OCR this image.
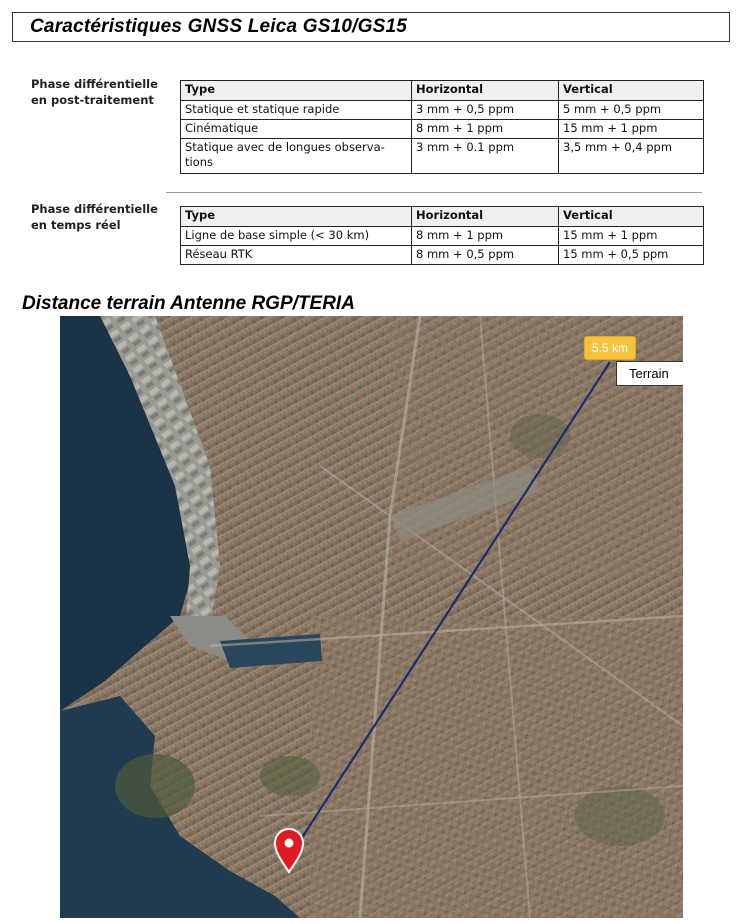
Caractéristiques GNSS Leica GS10/GS15
Phase différentielle
en post-traitement
Type	Horizontal	Vertical
Statique et statique rapide	3 mm + 0,5 ppm	5 mm + 0,5 ppm
Cinématique	8 mm + 1 ppm	15 mm + 1 ppm
Statique avec de longues observa-
tions	3 mm + 0.1 ppm	3,5 mm + 0,4 ppm
Phase différentielle
en temps réel
Type	Horizontal	Vertical
Ligne de base simple (< 30 km)	8 mm + 1 ppm	15 mm + 1 ppm
Réseau RTK	8 mm + 0,5 ppm	15 mm + 0,5 ppm
Distance terrain Antenne RGP/TERIA
5.5 km
Terrain
